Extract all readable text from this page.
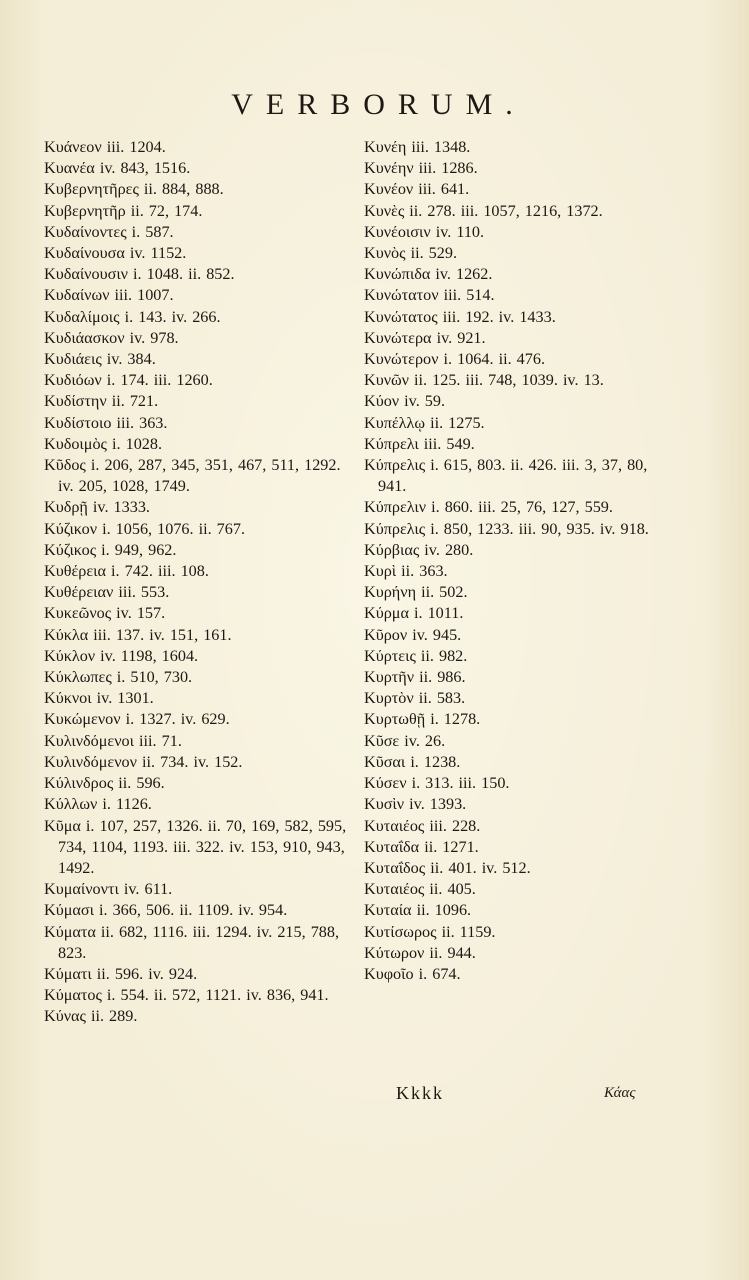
VERBORUM.

Κυάνεον iii. 1204.

Κυανέα iv. 843, 1516.

Κυβερνητῆρες ii. 884, 888.

Κυβερνητῆρ ii. 72, 174.

Κυδαίνοντες i. 587.

Κυδαίνουσα iv. 1152.

Κυδαίνουσιν i. 1048. ii. 852.

Κυδαίνων iii. 1007.

Κυδαλίμοις i. 143. iv. 266.

Κυδιάασκον iv. 978.

Κυδιάεις iv. 384.

Κυδιόων i. 174. iii. 1260.

Κυδίστην ii. 721.

Κυδίστοιο iii. 363.

Κυδοιμὸς i. 1028.

Κῦδος i. 206, 287, 345, 351, 467, 511, 1292. iv. 205, 1028, 1749.

Κυδρῇ iv. 1333.

Κύζικον i. 1056, 1076. ii. 767.

Κύζικος i. 949, 962.

Κυθέρεια i. 742. iii. 108.

Κυθέρειαν iii. 553.

Κυκεῶνος iv. 157.

Κύκλα iii. 137. iv. 151, 161.

Κύκλον iv. 1198, 1604.

Κύκλωπες i. 510, 730.

Κύκνοι iv. 1301.

Κυκώμενον i. 1327. iv. 629.

Κυλινδόμενοι iii. 71.

Κυλινδόμενον ii. 734. iv. 152.

Κύλινδρος ii. 596.

Κύλλων i. 1126.

Κῦμα i. 107, 257, 1326. ii. 70, 169, 582, 595, 734, 1104, 1193. iii. 322. iv. 153, 910, 943, 1492.

Κυμαίνοντι iv. 611.

Κύμασι i. 366, 506. ii. 1109. iv. 954.

Κύματα ii. 682, 1116. iii. 1294. iv. 215, 788, 823.

Κύματι ii. 596. iv. 924.

Κύματος i. 554. ii. 572, 1121. iv. 836, 941.

Κύνας ii. 289.

Κυνέη iii. 1348.

Κυνέην iii. 1286.

Κυνέον iii. 641.

Κυνὲς ii. 278. iii. 1057, 1216, 1372.

Κυνέοισιν iv. 110.

Κυνὸς ii. 529.

Κυνώπιδα iv. 1262.

Κυνώτατον iii. 514.

Κυνώτατος iii. 192. iv. 1433.

Κυνώτερα iv. 921.

Κυνώτερον i. 1064. ii. 476.

Κυνῶν ii. 125. iii. 748, 1039. iv. 13.

Κύον iv. 59.

Κυπέλλῳ ii. 1275.

Κύπρελι iii. 549.

Κύπρελις i. 615, 803. ii. 426. iii. 3, 37, 80, 941.

Κύπρελιν i. 860. iii. 25, 76, 127, 559.

Κύπρελις i. 850, 1233. iii. 90, 935. iv. 918.

Κύρβιας iv. 280.

Κυρὶ ii. 363.

Κυρήνη ii. 502.

Κύρμα i. 1011.

Κῦρον iv. 945.

Κύρτεις ii. 982.

Κυρτῆν ii. 986.

Κυρτὸν ii. 583.

Κυρτωθῇ i. 1278.

Κῦσε iv. 26.

Κῦσαι i. 1238.

Κύσεν i. 313. iii. 150.

Κυσὶν iv. 1393.

Κυταιέος iii. 228.

Κυταΐδα ii. 1271.

Κυταΐδος ii. 401. iv. 512.

Κυταιέος ii. 405.

Κυταία ii. 1096.

Κυτίσωρος ii. 1159.

Κύτωρον ii. 944.

Κυφοῖο i. 674.

Kkkk	Κάας
